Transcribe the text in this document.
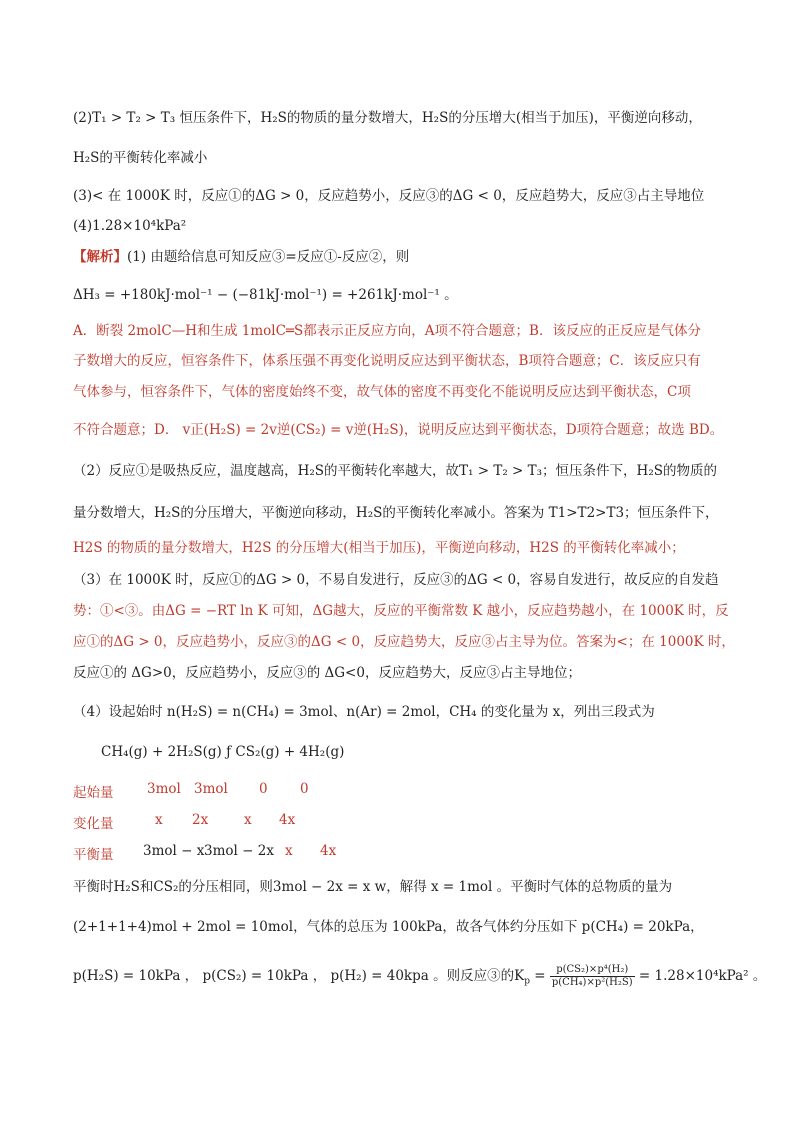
(2)T₁ > T₂ > T₃ 恒压条件下，H₂S的物质的量分数增大，H₂S的分压增大(相当于加压)，平衡逆向移动，
H₂S的平衡转化率减小
(3)< 在 1000K 时，反应①的ΔG > 0，反应趋势小，反应③的ΔG < 0，反应趋势大，反应③占主导地位
(4)1.28×10⁴kPa²
【解析】(1) 由题给信息可知反应③=反应①-反应②，则
ΔH₃ = +180kJ·mol⁻¹ − (−81kJ·mol⁻¹) = +261kJ·mol⁻¹ 。
A．断裂 2molC—H和生成 1molC═S都表示正反应方向，A项不符合题意；B．该反应的正反应是气体分
子数增大的反应，恒容条件下，体系压强不再变化说明反应达到平衡状态，B项符合题意；C．该反应只有
气体参与，恒容条件下，气体的密度始终不变，故气体的密度不再变化不能说明反应达到平衡状态，C项
不符合题意；D． v正(H₂S) = 2v逆(CS₂) = v逆(H₂S)，说明反应达到平衡状态，D项符合题意；故选 BD。
（2）反应①是吸热反应，温度越高，H₂S的平衡转化率越大，故T₁ > T₂ > T₃；恒压条件下，H₂S的物质的
量分数增大，H₂S的分压增大，平衡逆向移动，H₂S的平衡转化率减小。答案为 T1>T2>T3；恒压条件下，
H2S 的物质的量分数增大，H2S 的分压增大(相当于加压)，平衡逆向移动，H2S 的平衡转化率减小；
（3）在 1000K 时，反应①的ΔG > 0，不易自发进行，反应③的ΔG < 0，容易自发进行，故反应的自发趋
势：①<③。由ΔG = −RT ln K 可知，ΔG越大，反应的平衡常数 K 越小，反应趋势越小，在 1000K 时，反
应①的ΔG > 0，反应趋势小，反应③的ΔG < 0，反应趋势大，反应③占主导为位。答案为<；在 1000K 时，
反应①的 ΔG>0，反应趋势小，反应③的 ΔG<0，反应趋势大，反应③占主导地位；
（4）设起始时 n(H₂S) = n(CH₄) = 3mol、n(Ar) = 2mol，CH₄ 的变化量为 x，列出三段式为
CH₄(g) + 2H₂S(g) ƒ CS₂(g) + 4H₂(g)
起始量 3mol 3mol 0 0
变化量	x 2x	x 4x
平衡量 3mol − x 3mol − 2x x 4x
平衡时H₂S和CS₂的分压相同，则3mol − 2x = x w，解得 x = 1mol 。平衡时气体的总物质的量为
(2+1+1+4)mol + 2mol = 10mol，气体的总压为 100kPa，故各气体约分压如下 p(CH₄) = 20kPa，
p(H₂S) = 10kPa ， p(CS₂) = 10kPa ， p(H₂) = 40kpa 。则反应③的$K_p = \frac{\text{p(CS₂)×p⁴(H₂)}}{\text{p(CH₄)×p²(H₂S)}} = 1.28\times 10^4kPa^2$ 。
